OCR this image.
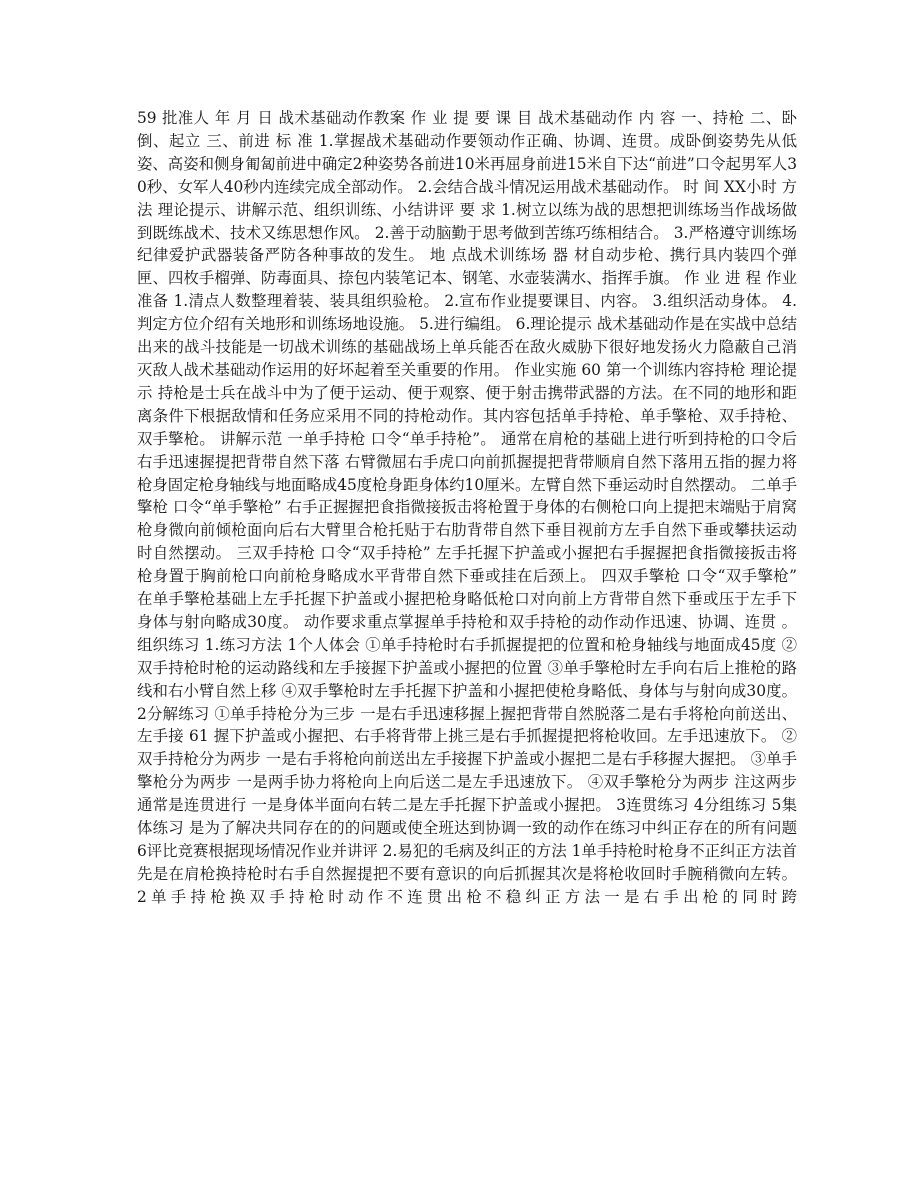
59 批准人 年 月 日 战术基础动作教案 作 业 提 要 课 目 战术基础动作 内 容 一、持枪 二、卧倒、起立 三、前进 标 准 1.掌握战术基础动作要领动作正确、协调、连贯。成卧倒姿势先从低姿、高姿和侧身匍匐前进中确定2种姿势各前进10米再屈身前进15米自下达“前进”口令起男军人30秒、女军人40秒内连续完成全部动作。 2.会结合战斗情况运用战术基础动作。 时 间 XX小时 方 法 理论提示、讲解示范、组织训练、小结讲评 要 求 1.树立以练为战的思想把训练场当作战场做到既练战术、技术又练思想作风。 2.善于动脑勤于思考做到苦练巧练相结合。 3.严格遵守训练场纪律爱护武器装备严防各种事故的发生。 地 点战术训练场 器 材自动步枪、携行具内装四个弹匣、四枚手榴弹、防毒面具、捺包内装笔记本、钢笔、水壶装满水、指挥手旗。 作 业 进 程 作业准备 1.清点人数整理着装、装具组织验枪。 2.宣布作业提要课目、内容。 3.组织活动身体。 4.判定方位介绍有关地形和训练场地设施。 5.进行编组。 6.理论提示 战术基础动作是在实战中总结出来的战斗技能是一切战术训练的基础战场上单兵能否在敌火威胁下很好地发扬火力隐蔽自己消灭敌人战术基础动作运用的好坏起着至关重要的作用。 作业实施 60 第一个训练内容持枪 理论提示 持枪是士兵在战斗中为了便于运动、便于观察、便于射击携带武器的方法。在不同的地形和距离条件下根据敌情和任务应采用不同的持枪动作。其内容包括单手持枪、单手擎枪、双手持枪、双手擎枪。 讲解示范 一单手持枪 口令“单手持枪”。 通常在肩枪的基础上进行听到持枪的口令后右手迅速握提把背带自然下落 右臂微屈右手虎口向前抓握提把背带顺肩自然下落用五指的握力将枪身固定枪身轴线与地面略成45度枪身距身体约10厘米。左臂自然下垂运动时自然摆动。 二单手擎枪 口令“单手擎枪” 右手正握握把食指微接扳击将枪置于身体的右侧枪口向上提把末端贴于肩窝枪身微向前倾枪面向后右大臂里合枪托贴于右肋背带自然下垂目视前方左手自然下垂或攀扶运动时自然摆动。 三双手持枪 口令“双手持枪” 左手托握下护盖或小握把右手握握把食指微接扳击将枪身置于胸前枪口向前枪身略成水平背带自然下垂或挂在后颈上。 四双手擎枪 口令“双手擎枪” 在单手擎枪基础上左手托握下护盖或小握把枪身略低枪口对向前上方背带自然下垂或压于左手下身体与射向略成30度。 动作要求重点掌握单手持枪和双手持枪的动作动作迅速、协调、连贯 。 组织练习 1.练习方法 1个人体会 ①单手持枪时右手抓握提把的位置和枪身轴线与地面成45度 ②双手持枪时枪的运动路线和左手接握下护盖或小握把的位置 ③单手擎枪时左手向右后上推枪的路线和右小臂自然上移 ④双手擎枪时左手托握下护盖和小握把使枪身略低、身体与与射向成30度。 2分解练习 ①单手持枪分为三步 一是右手迅速移握上握把背带自然脱落二是右手将枪向前送出、左手接 61 握下护盖或小握把、右手将背带上挑三是右手抓握提把将枪收回。左手迅速放下。 ②双手持枪分为两步 一是右手将枪向前送出左手接握下护盖或小握把二是右手移握大握把。 ③单手擎枪分为两步 一是两手协力将枪向上向后送二是左手迅速放下。 ④双手擎枪分为两步 注这两步通常是连贯进行 一是身体半面向右转二是左手托握下护盖或小握把。 3连贯练习 4分组练习 5集体练习 是为了解决共同存在的的问题或使全班达到协调一致的动作在练习中纠正存在的所有问题 6评比竞赛根据现场情况作业并讲评 2.易犯的毛病及纠正的方法 1单手持枪时枪身不正纠正方法首先是在肩枪换持枪时右手自然握提把不要有意识的向后抓握其次是将枪收回时手腕稍微向左转。 2单手持枪换双手持枪时动作不连贯出枪不稳纠正方法一是右手出枪的同时跨
